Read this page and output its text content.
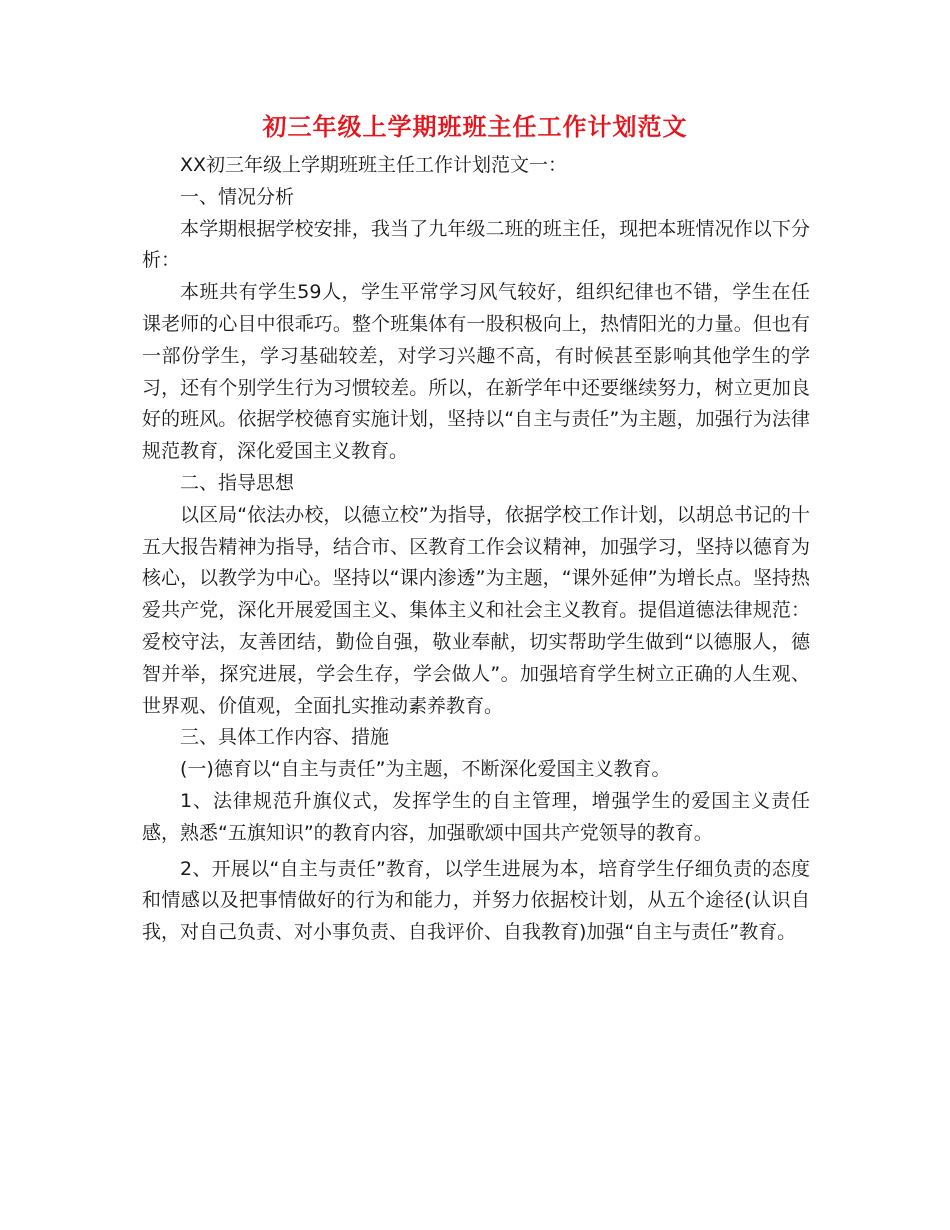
初三年级上学期班班主任工作计划范文

XX初三年级上学期班班主任工作计划范文一：

一、情况分析

本学期根据学校安排，我当了九年级二班的班主任，现把本班情况作以下分析：

本班共有学生59人，学生平常学习风气较好，组织纪律也不错，学生在任课老师的心目中很乖巧。整个班集体有一股积极向上，热情阳光的力量。但也有一部份学生，学习基础较差，对学习兴趣不高，有时候甚至影响其他学生的学习，还有个别学生行为习惯较差。所以，在新学年中还要继续努力，树立更加良好的班风。依据学校德育实施计划，坚持以“自主与责任”为主题，加强行为法律规范教育，深化爱国主义教育。

二、指导思想

以区局“依法办校，以德立校”为指导，依据学校工作计划，以胡总书记的十五大报告精神为指导，结合市、区教育工作会议精神，加强学习，坚持以德育为核心，以教学为中心。坚持以“课内渗透”为主题，“课外延伸”为增长点。坚持热爱共产党，深化开展爱国主义、集体主义和社会主义教育。提倡道德法律规范：爱校守法，友善团结，勤俭自强，敬业奉献，切实帮助学生做到“以德服人，德智并举，探究进展，学会生存，学会做人”。加强培育学生树立正确的人生观、世界观、价值观，全面扎实推动素养教育。

三、具体工作内容、措施

(一)德育以“自主与责任”为主题，不断深化爱国主义教育。

1、法律规范升旗仪式，发挥学生的自主管理，增强学生的爱国主义责任感，熟悉“五旗知识”的教育内容，加强歌颂中国共产党领导的教育。

2、开展以“自主与责任”教育，以学生进展为本，培育学生仔细负责的态度和情感以及把事情做好的行为和能力，并努力依据校计划，从五个途径(认识自我，对自己负责、对小事负责、自我评价、自我教育)加强“自主与责任”教育。
